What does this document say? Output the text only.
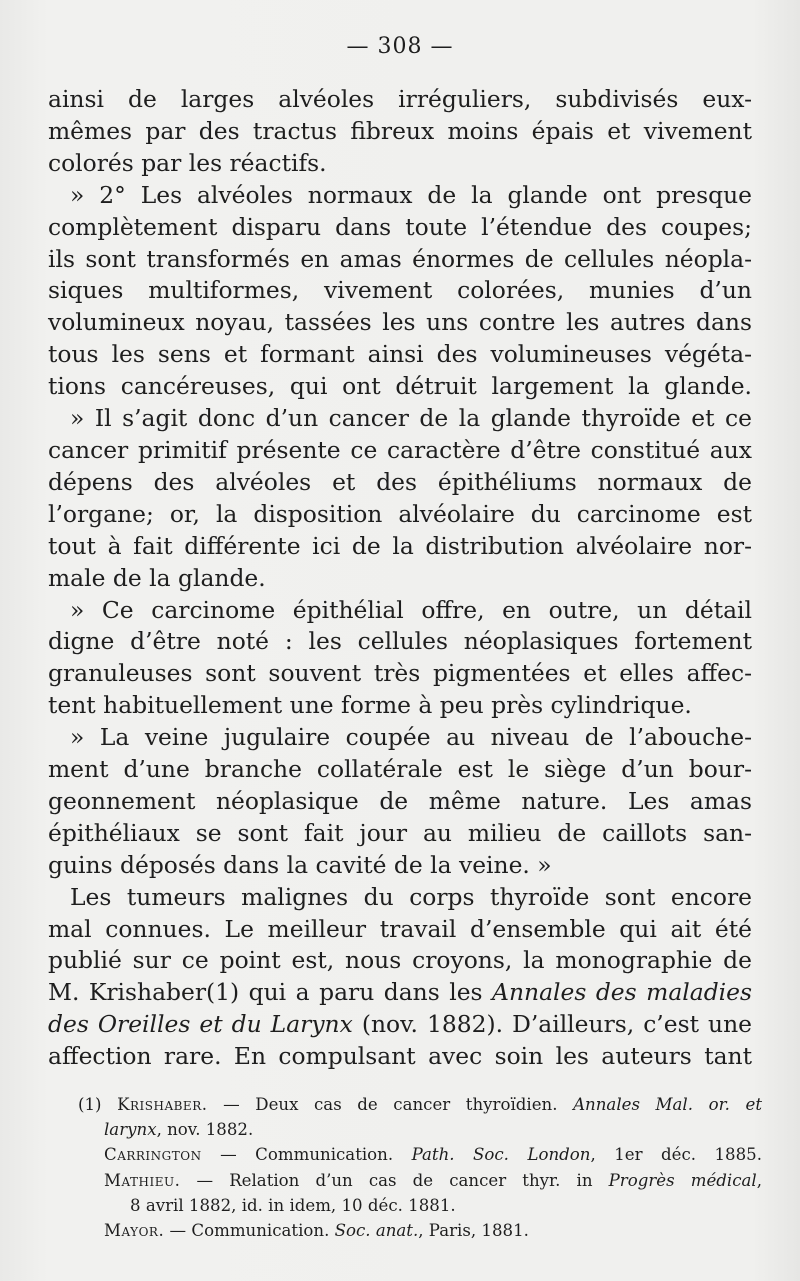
— 308 —

ainsi de larges alvéoles irréguliers, subdivisés eux-

mêmes par des tractus fibreux moins épais et vivement

colorés par les réactifs.

» 2° Les alvéoles normaux de la glande ont presque

complètement disparu dans toute l’étendue des coupes;

ils sont transformés en amas énormes de cellules néopla-

siques multiformes, vivement colorées, munies d’un

volumineux noyau, tassées les uns contre les autres dans

tous les sens et formant ainsi des volumineuses végéta-

tions cancéreuses, qui ont détruit largement la glande.

» Il s’agit donc d’un cancer de la glande thyroïde et ce

cancer primitif présente ce caractère d’être constitué aux

dépens des alvéoles et des épithéliums normaux de

l’organe; or, la disposition alvéolaire du carcinome est

tout à fait différente ici de la distribution alvéolaire nor-

male de la glande.

» Ce carcinome épithélial offre, en outre, un détail

digne d’être noté : les cellules néoplasiques fortement

granuleuses sont souvent très pigmentées et elles affec-

tent habituellement une forme à peu près cylindrique.

» La veine jugulaire coupée au niveau de l’abouche-

ment d’une branche collatérale est le siège d’un bour-

geonnement néoplasique de même nature. Les amas

épithéliaux se sont fait jour au milieu de caillots san-

guins déposés dans la cavité de la veine. »

Les tumeurs malignes du corps thyroïde sont encore

mal connues. Le meilleur travail d’ensemble qui ait été

publié sur ce point est, nous croyons, la monographie de

M. Krishaber(1) qui a paru dans les Annales des maladies

des Oreilles et du Larynx (nov. 1882). D’ailleurs, c’est une

affection rare. En compulsant avec soin les auteurs tant

(1) Krishaber. — Deux cas de cancer thyroïdien. Annales Mal. or. et

larynx, nov. 1882.

Carrington — Communication. Path. Soc. London, 1er déc. 1885.

Mathieu. — Relation d’un cas de cancer thyr. in Progrès médical,

8 avril 1882, id. in idem, 10 déc. 1881.

Mayor. — Communication. Soc. anat., Paris, 1881.
